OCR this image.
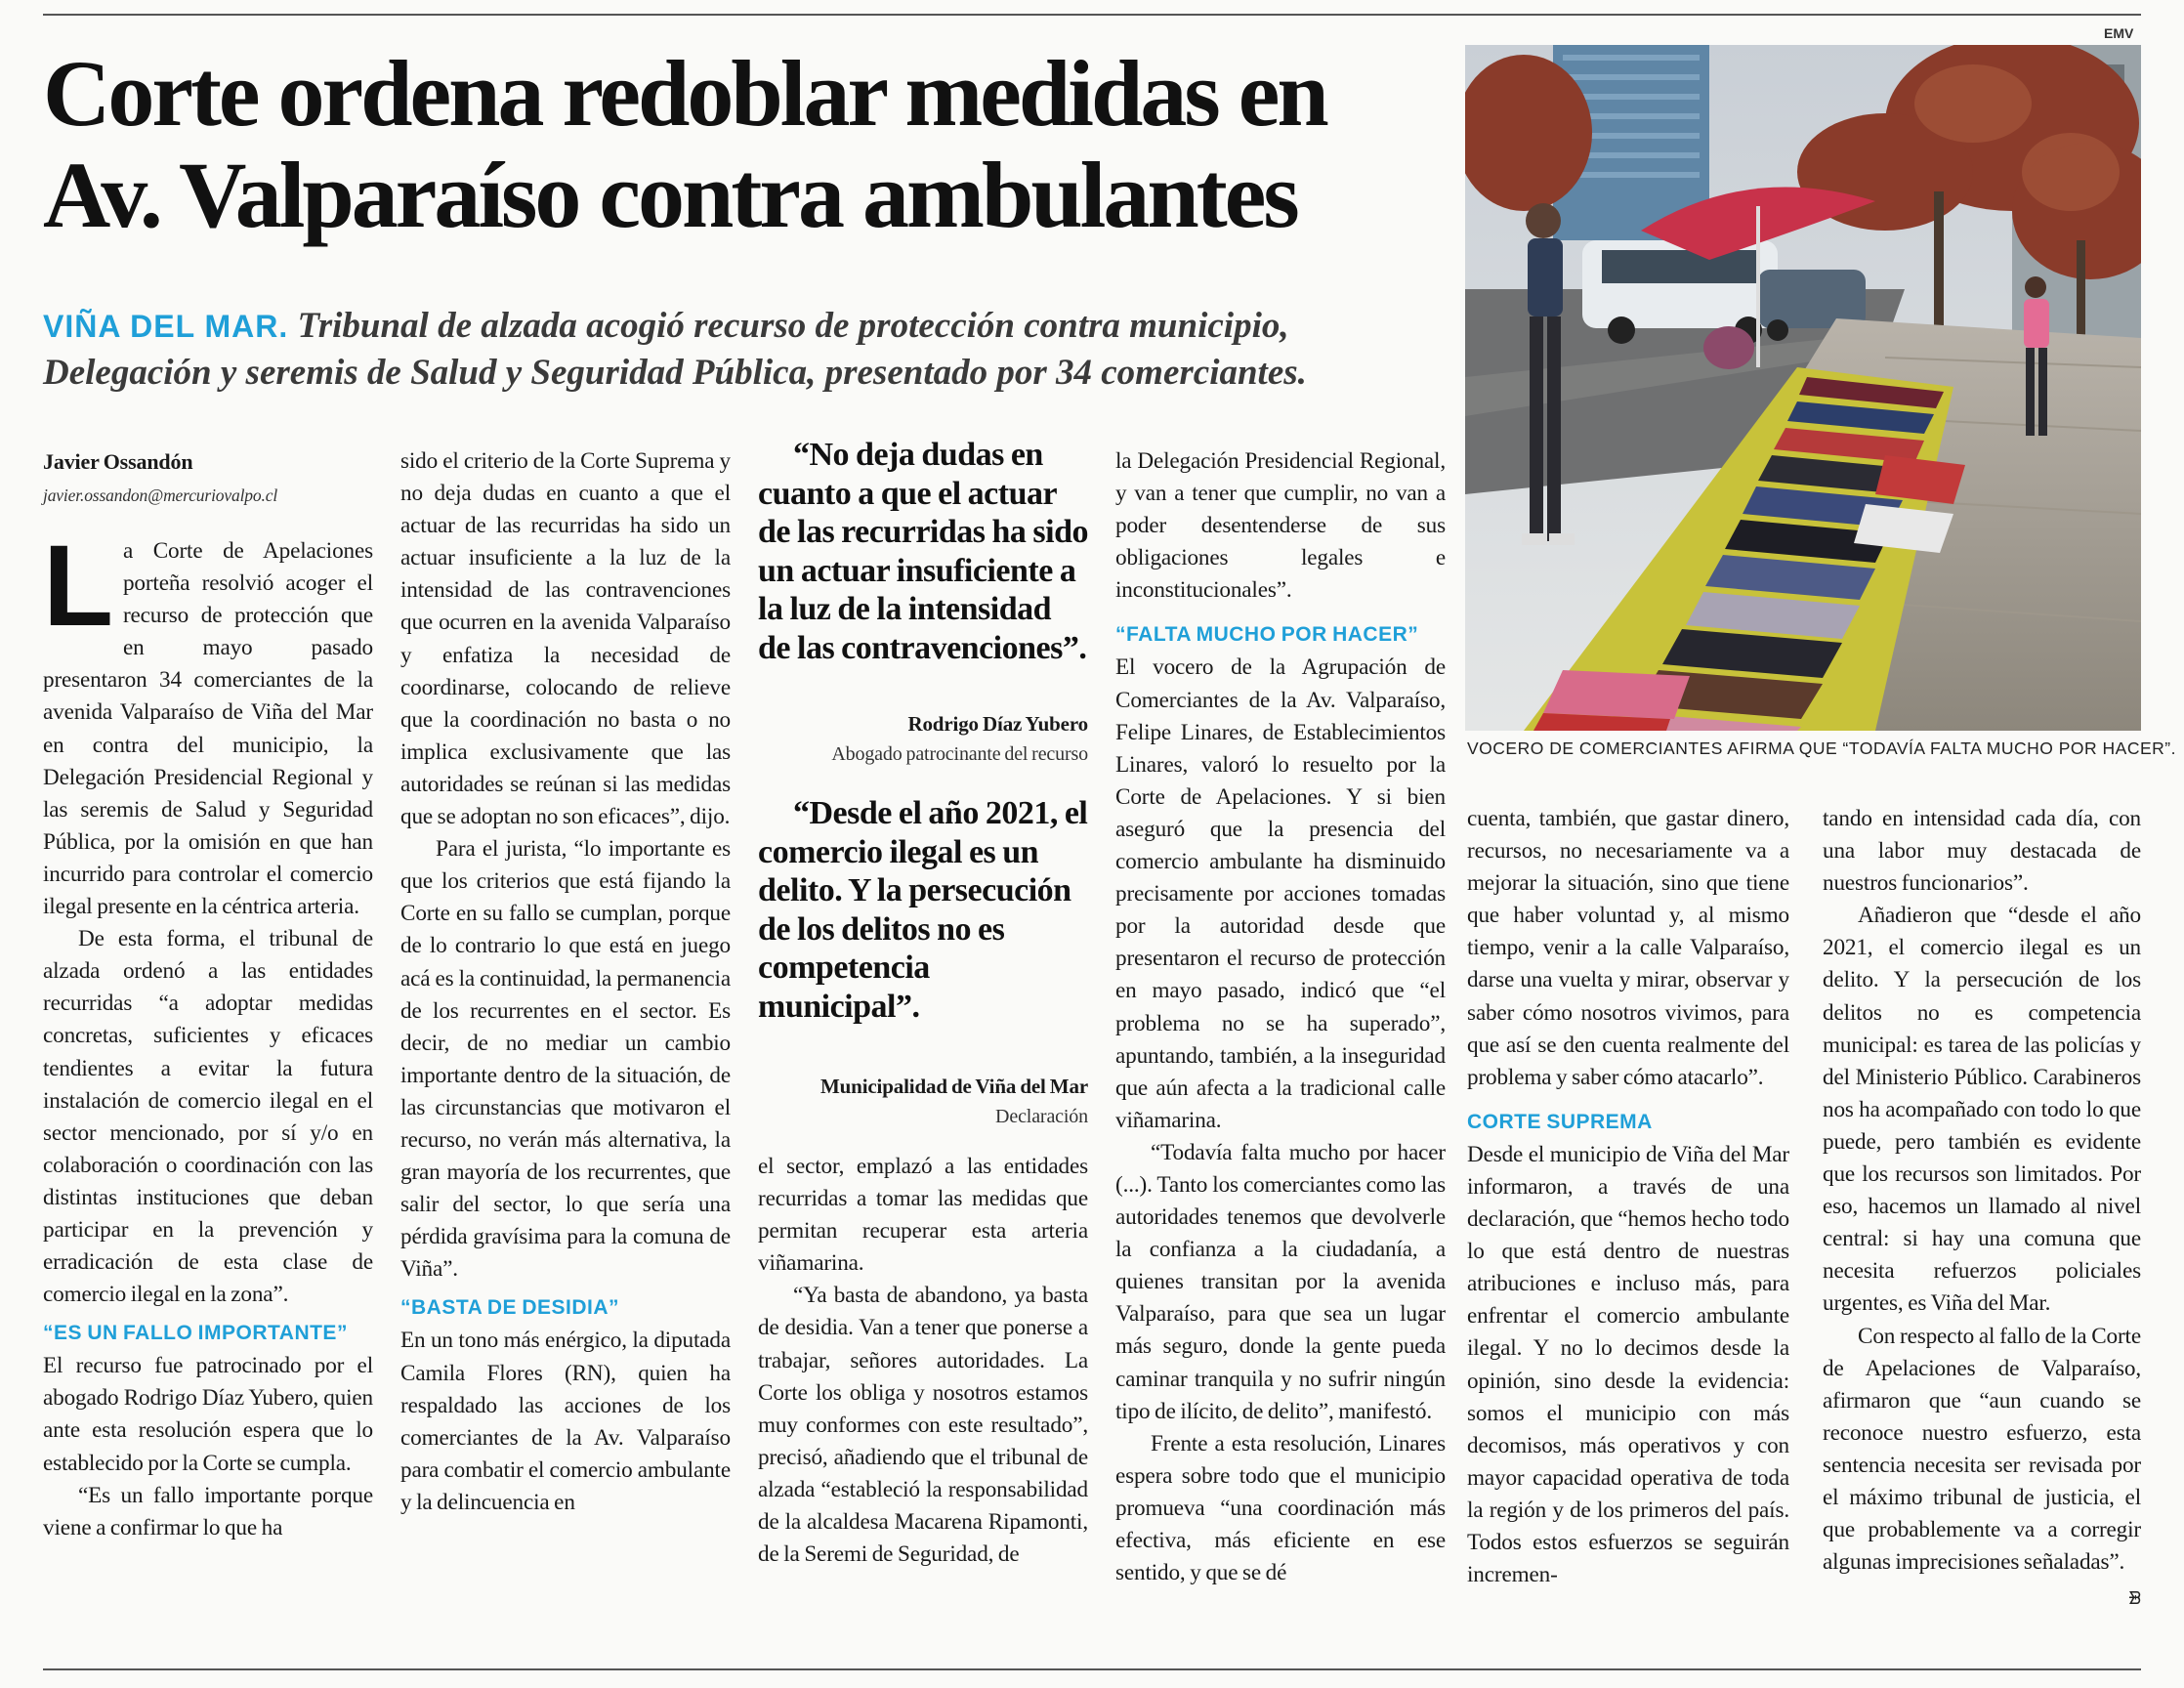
Corte ordena redoblar medidas en Av. Valparaíso contra ambulantes
VIÑA DEL MAR. Tribunal de alzada acogió recurso de protección contra municipio, Delegación y seremis de Salud y Seguridad Pública, presentado por 34 comerciantes.
Javier Ossandón
javier.ossandon@mercuriovalpo.cl

La Corte de Apelaciones porteña resolvió acoger el recurso de protección que en mayo pasado presentaron 34 comerciantes de la avenida Valparaíso de Viña del Mar en contra del municipio, la Delegación Presidencial Regional y las seremis de Salud y Seguridad Pública, por la omisión en que han incurrido para controlar el comercio ilegal presente en la céntrica arteria.

De esta forma, el tribunal de alzada ordenó a las entidades recurridas “a adoptar medidas concretas, suficientes y eficaces tendientes a evitar la futura instalación de comercio ilegal en el sector mencionado, por sí y/o en colaboración o coordinación con las distintas instituciones que deban participar en la prevención y erradicación de esta clase de comercio ilegal en la zona”.

“ES UN FALLO IMPORTANTE”

El recurso fue patrocinado por el abogado Rodrigo Díaz Yubero, quien ante esta resolución espera que lo establecido por la Corte se cumpla.

“Es un fallo importante porque viene a confirmar lo que ha

sido el criterio de la Corte Suprema y no deja dudas en cuanto a que el actuar de las recurridas ha sido un actuar insuficiente a la luz de la intensidad de las contravenciones que ocurren en la avenida Valparaíso y enfatiza la necesidad de coordinarse, colocando de relieve que la coordinación no basta o no implica exclusivamente que las autoridades se reúnan si las medidas que se adoptan no son eficaces”, dijo.

Para el jurista, “lo importante es que los criterios que está fijando la Corte en su fallo se cumplan, porque de lo contrario lo que está en juego acá es la continuidad, la permanencia de los recurrentes en el sector. Es decir, de no mediar un cambio importante dentro de la situación, de las circunstancias que motivaron el recurso, no verán más alternativa, la gran mayoría de los recurrentes, que salir del sector, lo que sería una pérdida gravísima para la comuna de Viña”.

“BASTA DE DESIDIA”

En un tono más enérgico, la diputada Camila Flores (RN), quien ha respaldado las acciones de los comerciantes de la Av. Valparaíso para combatir el comercio ambulante y la delincuencia en

“No deja dudas en cuanto a que el actuar de las recurridas ha sido un actuar insuficiente a la luz de la intensidad de las contravenciones”.

Rodrigo Díaz Yubero
Abogado patrocinante del recurso

“Desde el año 2021, el comercio ilegal es un delito. Y la persecución de los delitos no es competencia municipal”.

Municipalidad de Viña del Mar
Declaración

el sector, emplazó a las entidades recurridas a tomar las medidas que permitan recuperar esta arteria viñamarina.

“Ya basta de abandono, ya basta de desidia. Van a tener que ponerse a trabajar, señores autoridades. La Corte los obliga y nosotros estamos muy conformes con este resultado”, precisó, añadiendo que el tribunal de alzada “estableció la responsabilidad de la alcaldesa Macarena Ripamonti, de la Seremi de Seguridad, de

la Delegación Presidencial Regional, y van a tener que cumplir, no van a poder desentenderse de sus obligaciones legales e inconstitucionales”.

“FALTA MUCHO POR HACER”

El vocero de la Agrupación de Comerciantes de la Av. Valparaíso, Felipe Linares, de Establecimientos Linares, valoró lo resuelto por la Corte de Apelaciones. Y si bien aseguró que la presencia del comercio ambulante ha disminuido precisamente por acciones tomadas por la autoridad desde que presentaron el recurso de protección en mayo pasado, indicó que “el problema no se ha superado”, apuntando, también, a la inseguridad que aún afecta a la tradicional calle viñamarina.

“Todavía falta mucho por hacer (...). Tanto los comerciantes como las autoridades tenemos que devolverle la confianza a la ciudadanía, a quienes transitan por la avenida Valparaíso, para que sea un lugar más seguro, donde la gente pueda caminar tranquila y no sufrir ningún tipo de ilícito, de delito”, manifestó.

Frente a esta resolución, Linares espera sobre todo que el municipio promueva “una coordinación más efectiva, más eficiente en ese sentido, y que se dé

EMV
VOCERO DE COMERCIANTES AFIRMA QUE “TODAVÍA FALTA MUCHO POR HACER”.

cuenta, también, que gastar dinero, recursos, no necesariamente va a mejorar la situación, sino que tiene que haber voluntad y, al mismo tiempo, venir a la calle Valparaíso, darse una vuelta y mirar, observar y saber cómo nosotros vivimos, para que así se den cuenta realmente del problema y saber cómo atacarlo”.

CORTE SUPREMA

Desde el municipio de Viña del Mar informaron, a través de una declaración, que “hemos hecho todo lo que está dentro de nuestras atribuciones e incluso más, para enfrentar el comercio ambulante ilegal. Y no lo decimos desde la opinión, sino desde la evidencia: somos el municipio con más decomisos, más operativos y con mayor capacidad operativa de toda la región y de los primeros del país. Todos estos esfuerzos se seguirán incremen-

tando en intensidad cada día, con una labor muy destacada de nuestros funcionarios”.

Añadieron que “desde el año 2021, el comercio ilegal es un delito. Y la persecución de los delitos no es competencia municipal: es tarea de las policías y del Ministerio Público. Carabineros nos ha acompañado con todo lo que puede, pero también es evidente que los recursos son limitados. Por eso, hacemos un llamado al nivel central: si hay una comuna que necesita refuerzos policiales urgentes, es Viña del Mar.

Con respecto al fallo de la Corte de Apelaciones de Valparaíso, afirmaron que “aun cuando se reconoce nuestro esfuerzo, esta sentencia necesita ser revisada por el máximo tribunal de justicia, el que probablemente va a corregir algunas imprecisiones señaladas”.
ᗾ
